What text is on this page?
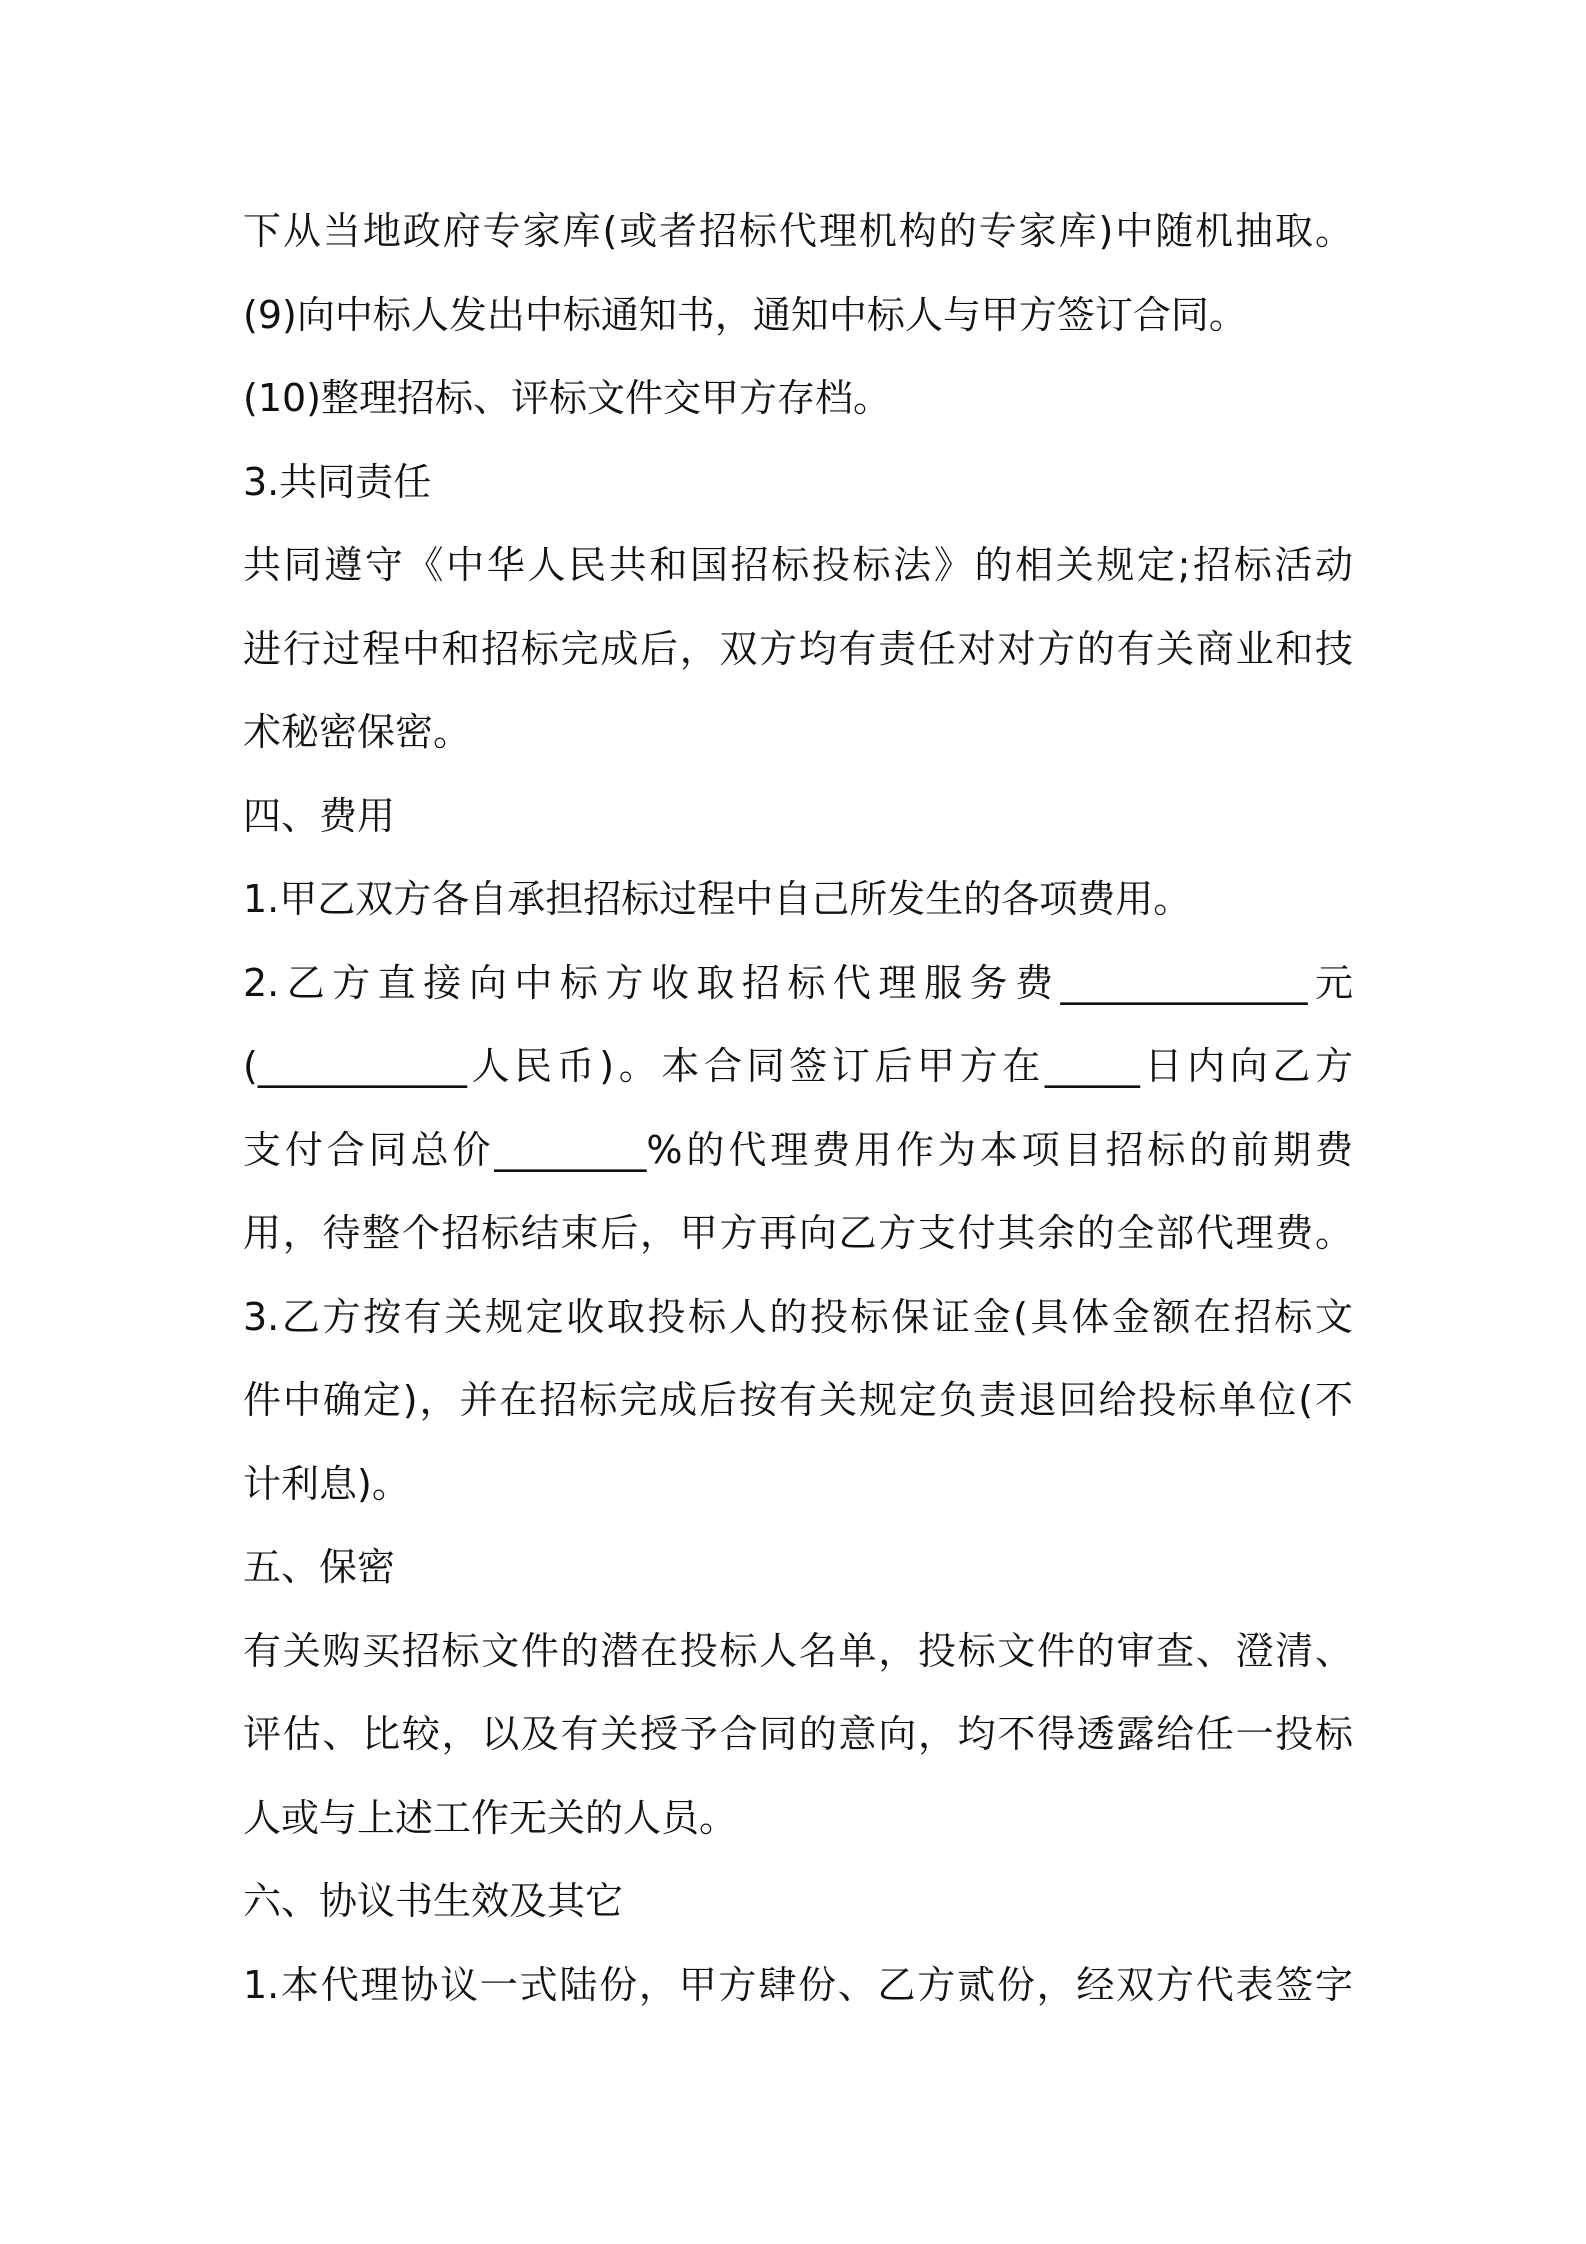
下从当地政府专家库(或者招标代理机构的专家库)中随机抽取。
(9)向中标人发出中标通知书，通知中标人与甲方签订合同。
(10)整理招标、评标文件交甲方存档。
3.共同责任
共同遵守《中华人民共和国招标投标法》的相关规定;招标活动
进行过程中和招标完成后，双方均有责任对对方的有关商业和技
术秘密保密。
四、费用
1.甲乙双方各自承担招标过程中自己所发生的各项费用。
2.乙方直接向中标方收取招标代理服务费_____________元
(___________人民币)。本合同签订后甲方在_____日内向乙方
支付合同总价________%的代理费用作为本项目招标的前期费
用，待整个招标结束后，甲方再向乙方支付其余的全部代理费。
3.乙方按有关规定收取投标人的投标保证金(具体金额在招标文
件中确定)，并在招标完成后按有关规定负责退回给投标单位(不
计利息)。
五、保密
有关购买招标文件的潜在投标人名单，投标文件的审查、澄清、
评估、比较，以及有关授予合同的意向，均不得透露给任一投标
人或与上述工作无关的人员。
六、协议书生效及其它
1.本代理协议一式陆份，甲方肆份、乙方贰份，经双方代表签字
